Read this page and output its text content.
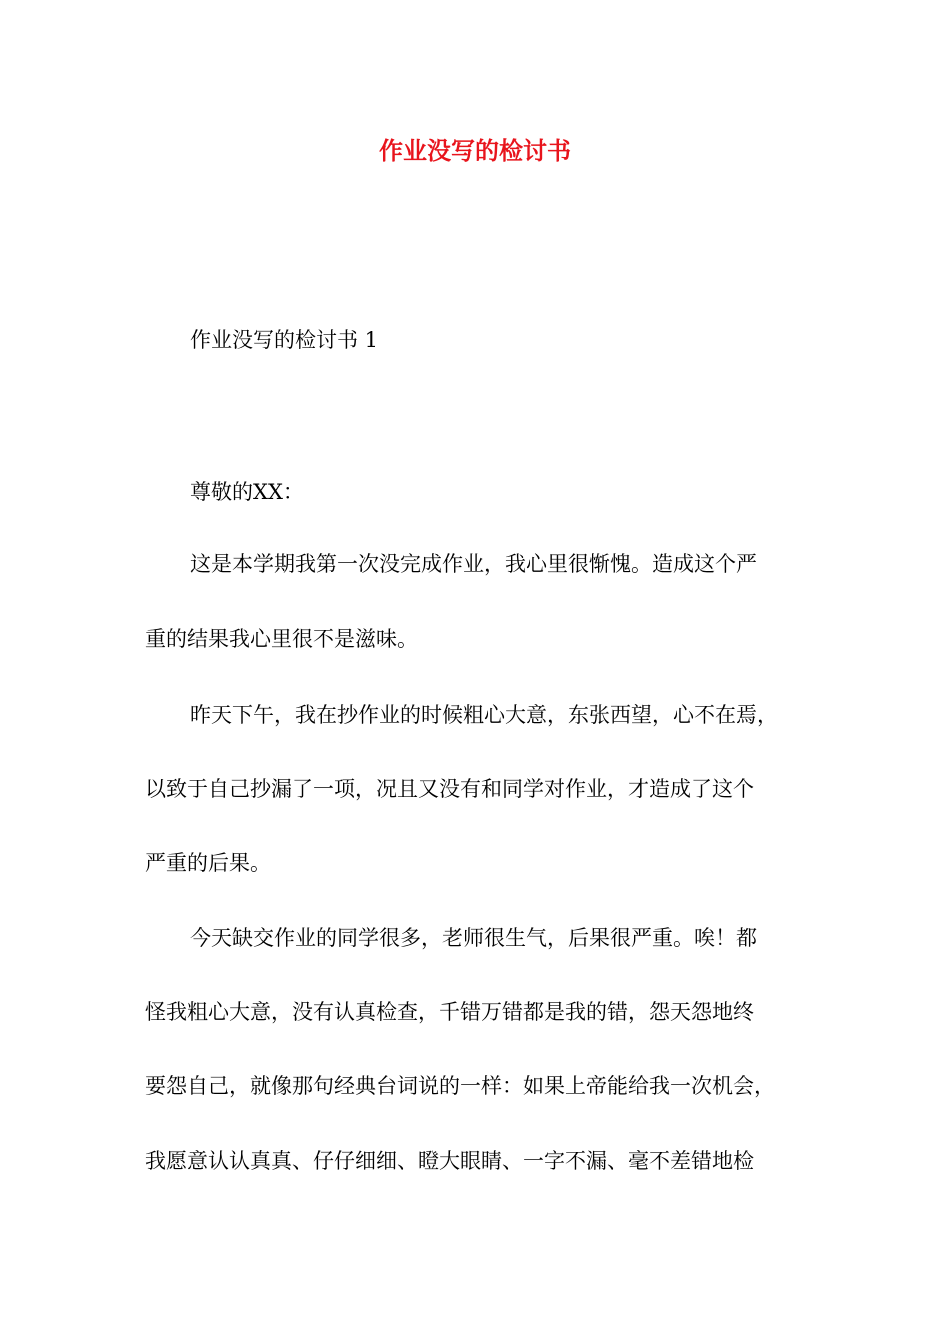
作业没写的检讨书

作业没写的检讨书 1

尊敬的XX：

这是本学期我第一次没完成作业，我心里很惭愧。造成这个严

重的结果我心里很不是滋味。

昨天下午，我在抄作业的时候粗心大意，东张西望，心不在焉，

以致于自己抄漏了一项，况且又没有和同学对作业，才造成了这个

严重的后果。

今天缺交作业的同学很多，老师很生气，后果很严重。唉！都

怪我粗心大意，没有认真检查，千错万错都是我的错，怨天怨地终

要怨自己，就像那句经典台词说的一样：如果上帝能给我一次机会，

我愿意认认真真、仔仔细细、瞪大眼睛、一字不漏、毫不差错地检
